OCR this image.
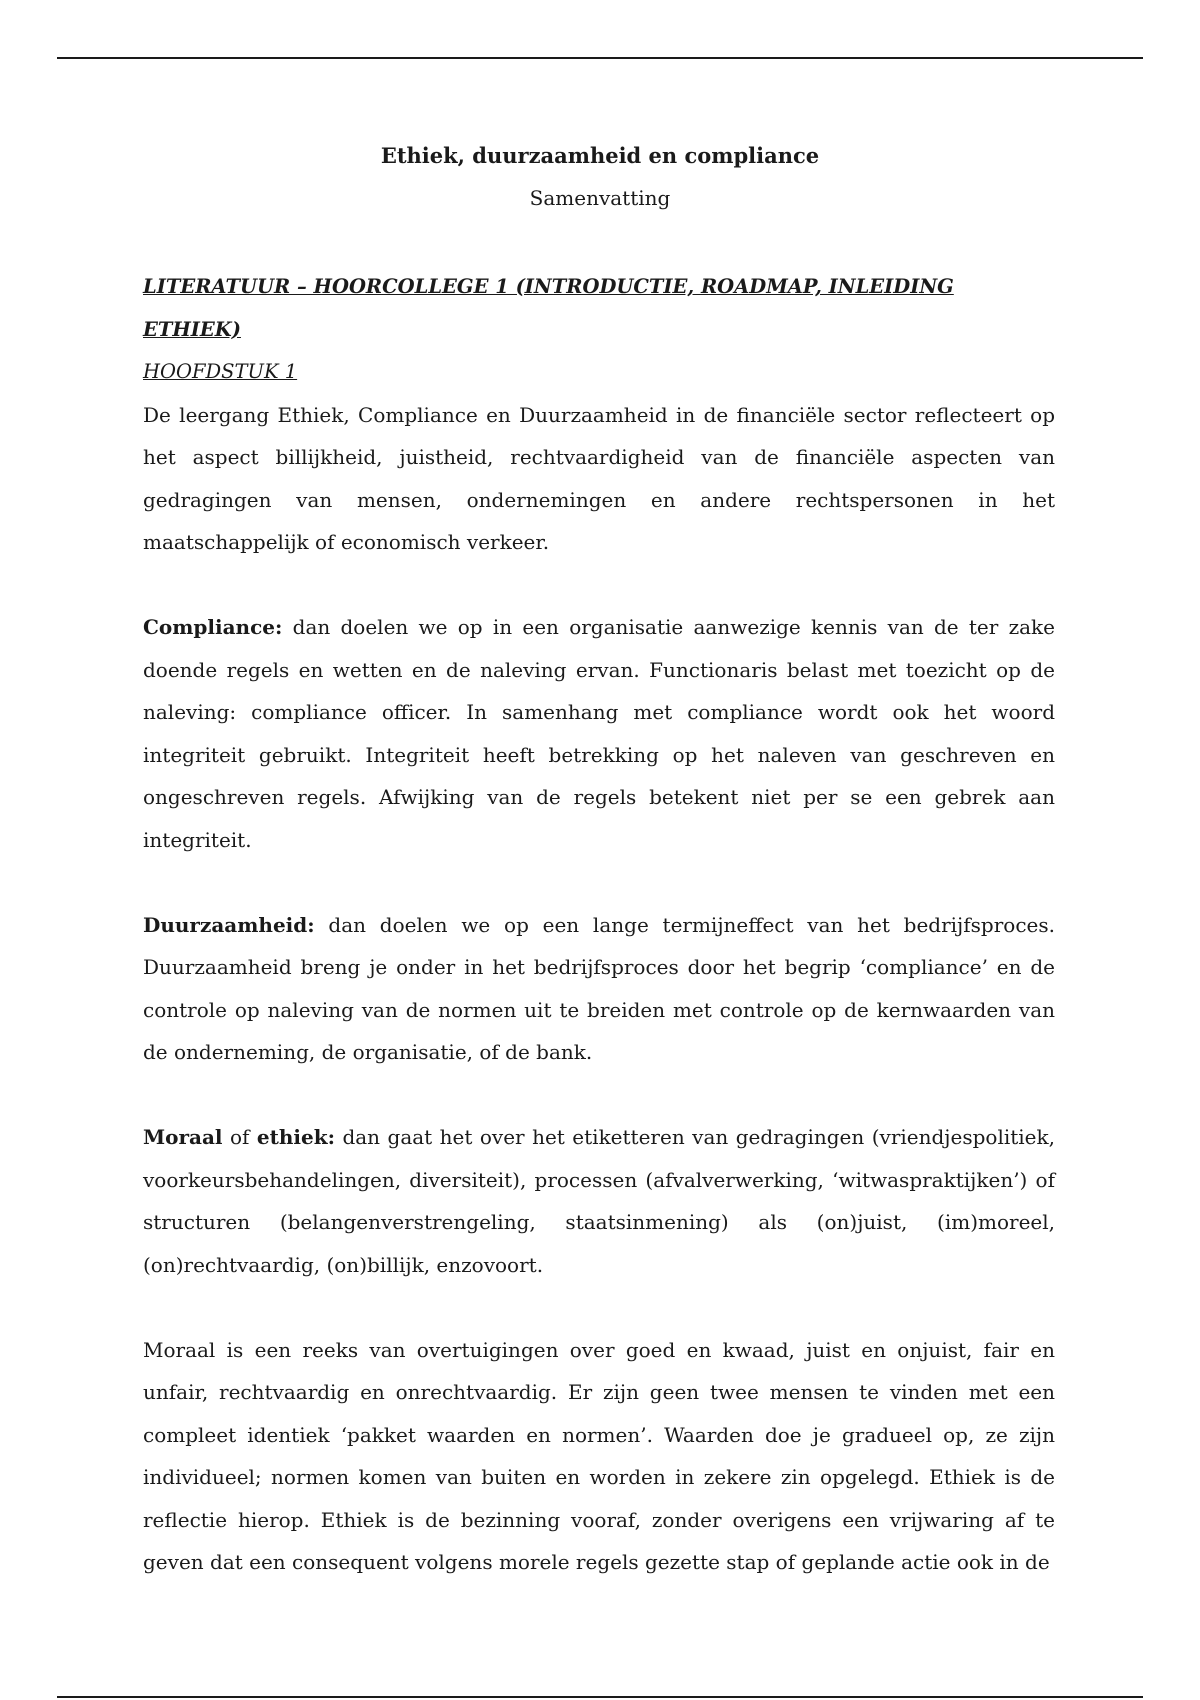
Ethiek, duurzaamheid en compliance
Samenvatting

LITERATUUR – HOORCOLLEGE 1 (INTRODUCTIE, ROADMAP, INLEIDING ETHIEK)

HOOFDSTUK 1

De leergang Ethiek, Compliance en Duurzaamheid in de financiële sector reflecteert op het aspect billijkheid, juistheid, rechtvaardigheid van de financiële aspecten van gedragingen van mensen, ondernemingen en andere rechtspersonen in het maatschappelijk of economisch verkeer.

Compliance: dan doelen we op in een organisatie aanwezige kennis van de ter zake doende regels en wetten en de naleving ervan. Functionaris belast met toezicht op de naleving: compliance officer. In samenhang met compliance wordt ook het woord integriteit gebruikt. Integriteit heeft betrekking op het naleven van geschreven en ongeschreven regels. Afwijking van de regels betekent niet per se een gebrek aan integriteit.

Duurzaamheid: dan doelen we op een lange termijneffect van het bedrijfsproces. Duurzaamheid breng je onder in het bedrijfsproces door het begrip ‘compliance’ en de controle op naleving van de normen uit te breiden met controle op de kernwaarden van de onderneming, de organisatie, of de bank.

Moraal of ethiek: dan gaat het over het etiketteren van gedragingen (vriendjespolitiek, voorkeursbehandelingen, diversiteit), processen (afvalverwerking, ‘witwaspraktijken’) of structuren (belangenverstrengeling, staatsinmening) als (on)juist, (im)moreel, (on)rechtvaardig, (on)billijk, enzovoort.

Moraal is een reeks van overtuigingen over goed en kwaad, juist en onjuist, fair en unfair, rechtvaardig en onrechtvaardig. Er zijn geen twee mensen te vinden met een compleet identiek ‘pakket waarden en normen’. Waarden doe je gradueel op, ze zijn individueel; normen komen van buiten en worden in zekere zin opgelegd. Ethiek is de reflectie hierop. Ethiek is de bezinning vooraf, zonder overigens een vrijwaring af te geven dat een consequent volgens morele regels gezette stap of geplande actie ook in de
